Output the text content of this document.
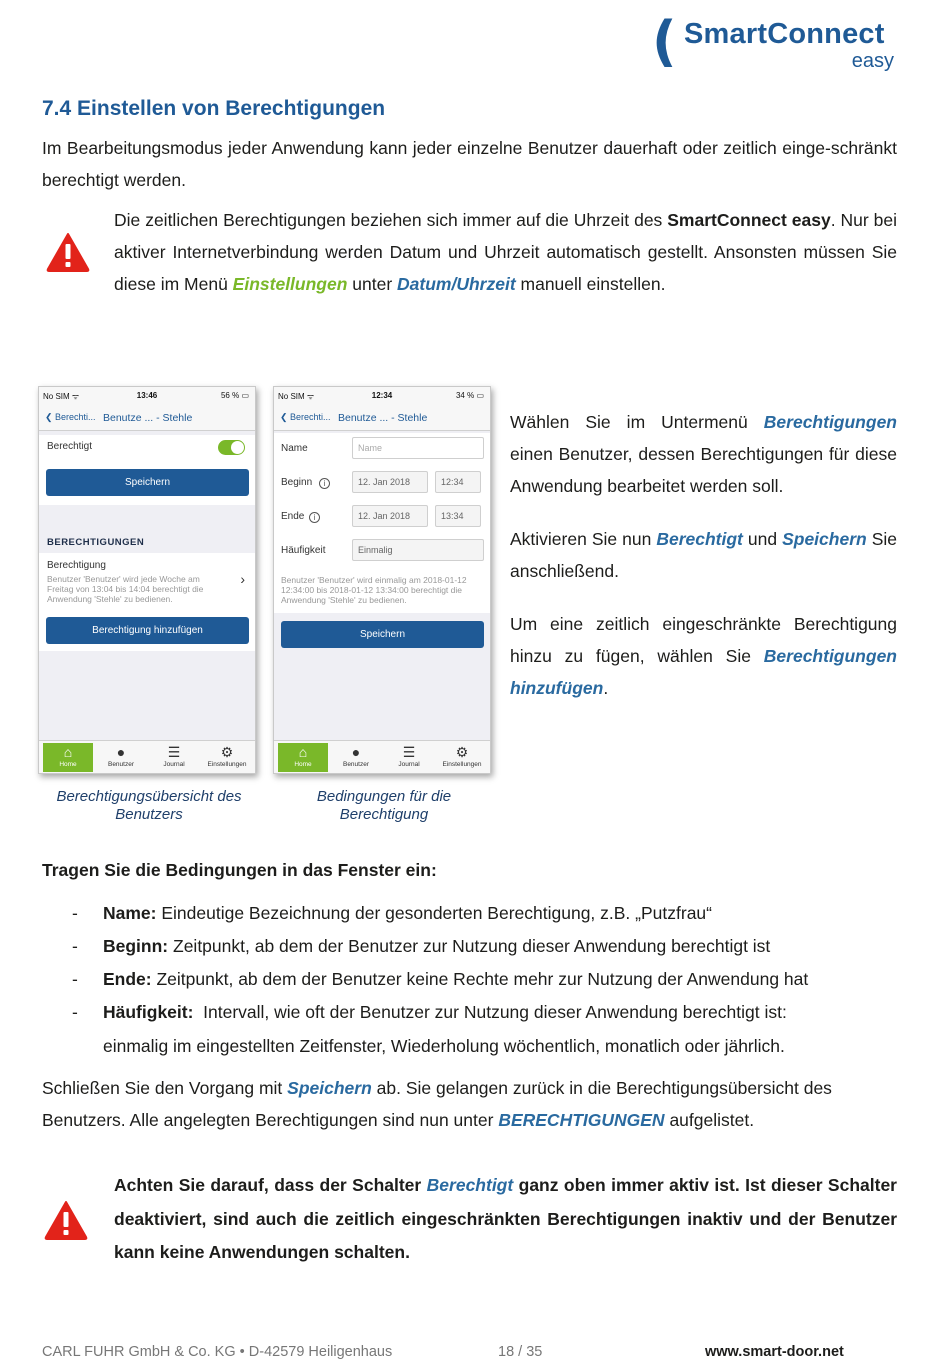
( SmartConnect
easy
7.4 Einstellen von Berechtigungen
Im Bearbeitungsmodus jeder Anwendung kann jeder einzelne Benutzer dauerhaft oder zeitlich einge-schränkt berechtigt werden.
Die zeitlichen Berechtigungen beziehen sich immer auf die Uhrzeit des SmartConnect easy. Nur bei aktiver Internetverbindung werden Datum und Uhrzeit automatisch gestellt. Ansonsten müssen Sie diese im Menü Einstellungen unter Datum/Uhrzeit manuell einstellen.
No SIM ᯤ	13:46	56 % ▭
❮ Berechti... Benutze ... - Stehle
Berechtigt
Speichern
BERECHTIGUNGEN
Berechtigung
Benutzer 'Benutzer' wird jede Woche am Freitag von 13:04 bis 14:04 berechtigt die Anwendung 'Stehle' zu bedienen.
›
Berechtigung hinzufügen
⌂
Home
●
Benutzer
☰
Journal
⚙
Einstellungen
No SIM ᯤ	12:34	34 % ▭
❮ Berechti... Benutze ... - Stehle
Name	Name
Beginn	i	12. Jan 2018	12:34
Ende	i	12. Jan 2018	13:34
Häufigkeit	Einmalig
Benutzer 'Benutzer' wird einmalig am 2018-01-12 12:34:00 bis 2018-01-12 13:34:00 berechtigt die Anwendung 'Stehle' zu bedienen.
Speichern
⌂
Home
●
Benutzer
☰
Journal
⚙
Einstellungen
Berechtigungsübersicht des Benutzers
Bedingungen für die Berechtigung
Wählen Sie im Untermenü Berechtigungen einen Benutzer, dessen Berechtigungen für diese Anwendung bearbeitet werden soll.
Aktivieren Sie nun Berechtigt und Speichern Sie anschließend.
Um eine zeitlich eingeschränkte Berechtigung hinzu zu fügen, wählen Sie Berechtigungen hinzufügen.
Tragen Sie die Bedingungen in das Fenster ein:
- Name: Eindeutige Bezeichnung der gesonderten Berechtigung, z.B. „Putzfrau“
- Beginn: Zeitpunkt, ab dem der Benutzer zur Nutzung dieser Anwendung berechtigt ist
- Ende: Zeitpunkt, ab dem der Benutzer keine Rechte mehr zur Nutzung der Anwendung hat
- Häufigkeit:  Intervall, wie oft der Benutzer zur Nutzung dieser Anwendung berechtigt ist:
einmalig im eingestellten Zeitfenster, Wiederholung wöchentlich, monatlich oder jährlich.
Schließen Sie den Vorgang mit Speichern ab. Sie gelangen zurück in die Berechtigungsübersicht des Benutzers. Alle angelegten Berechtigungen sind nun unter BERECHTIGUNGEN aufgelistet.
Achten Sie darauf, dass der Schalter Berechtigt ganz oben immer aktiv ist. Ist dieser Schalter deaktiviert, sind auch die zeitlich eingeschränkten Berechtigungen inaktiv und der Benutzer kann keine Anwendungen schalten.
CARL FUHR GmbH & Co. KG • D-42579 Heiligenhaus	18 / 35	www.smart-door.net
